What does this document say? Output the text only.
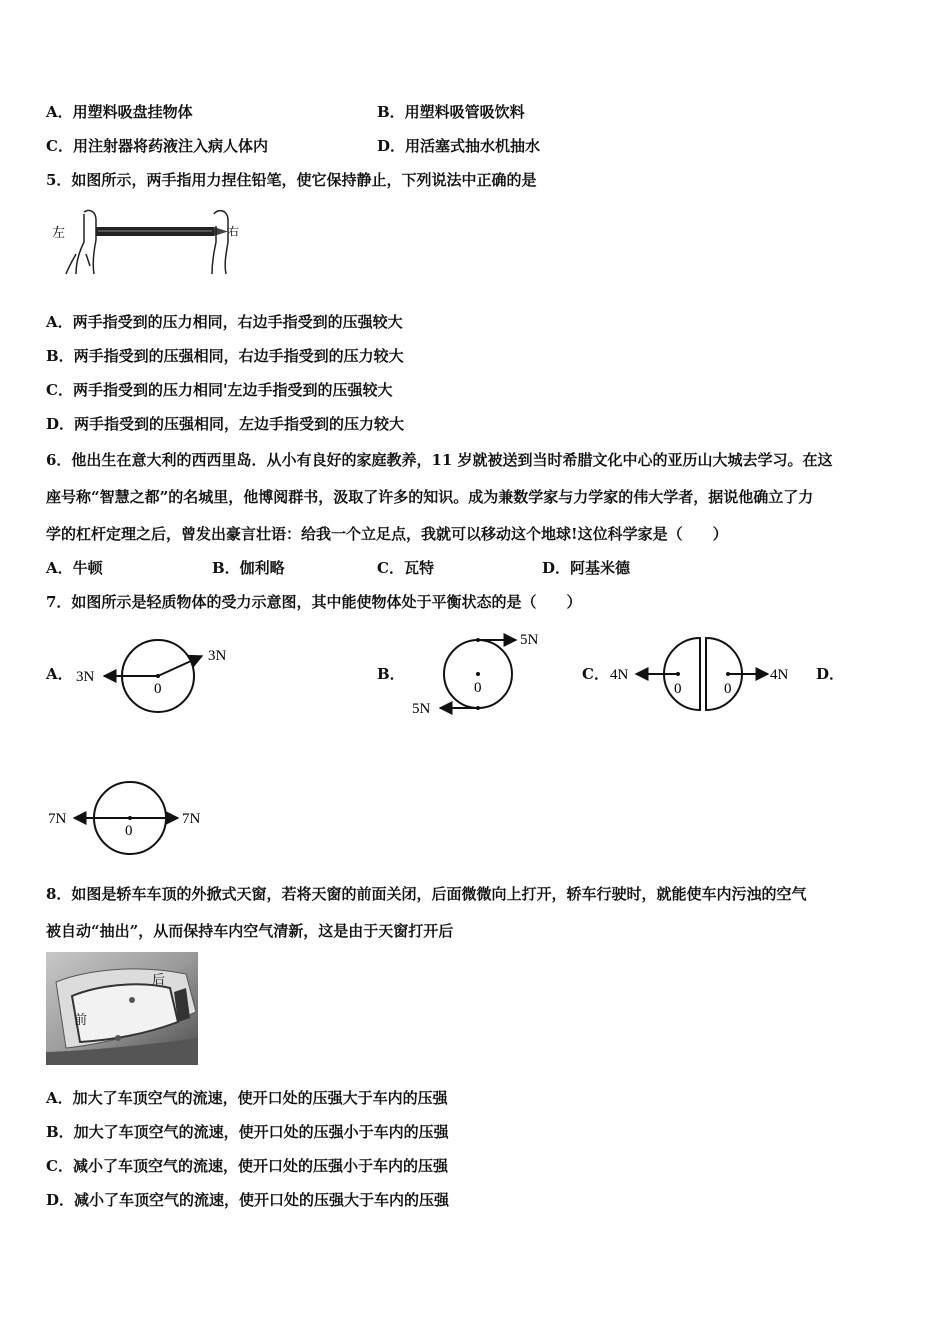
A．用塑料吸盘挂物体	B．用塑料吸管吸饮料
C．用注射器将药液注入病人体内	D．用活塞式抽水机抽水
5．如图所示，两手指用力捏住铅笔，使它保持静止，下列说法中正确的是
左	右
A．两手指受到的压力相同，右边手指受到的压强较大
B．两手指受到的压强相同，右边手指受到的压力较大
C．两手指受到的压力相同'左边手指受到的压强较大
D．两手指受到的压强相同，左边手指受到的压力较大
6．他出生在意大利的西西里岛．从小有良好的家庭教养，11 岁就被送到当时希腊文化中心的亚历山大城去学习。在这
座号称“智慧之都”的名城里，他博阅群书，汲取了许多的知识。成为兼数学家与力学家的伟大学者，据说他确立了力
学的杠杆定理之后，曾发出豪言壮语：给我一个立足点，我就可以移动这个地球!这位科学家是（　　）
A．牛顿	B．伽利略	C．瓦特	D．阿基米德
7．如图所示是轻质物体的受力示意图，其中能使物体处于平衡状态的是（　　）
A． 3N
3N
0
B．
5N
5N
0
C． 4N	4N
0	0
D．
7N	7N
0
8．如图是轿车车顶的外掀式天窗，若将天窗的前面关闭，后面微微向上打开，轿车行驶时，就能使车内污浊的空气
被自动“抽出”，从而保持车内空气清新，这是由于天窗打开后
后
前
A．加大了车顶空气的流速，使开口处的压强大于车内的压强
B．加大了车顶空气的流速，使开口处的压强小于车内的压强
C．减小了车顶空气的流速，使开口处的压强小于车内的压强
D．减小了车顶空气的流速，使开口处的压强大于车内的压强
